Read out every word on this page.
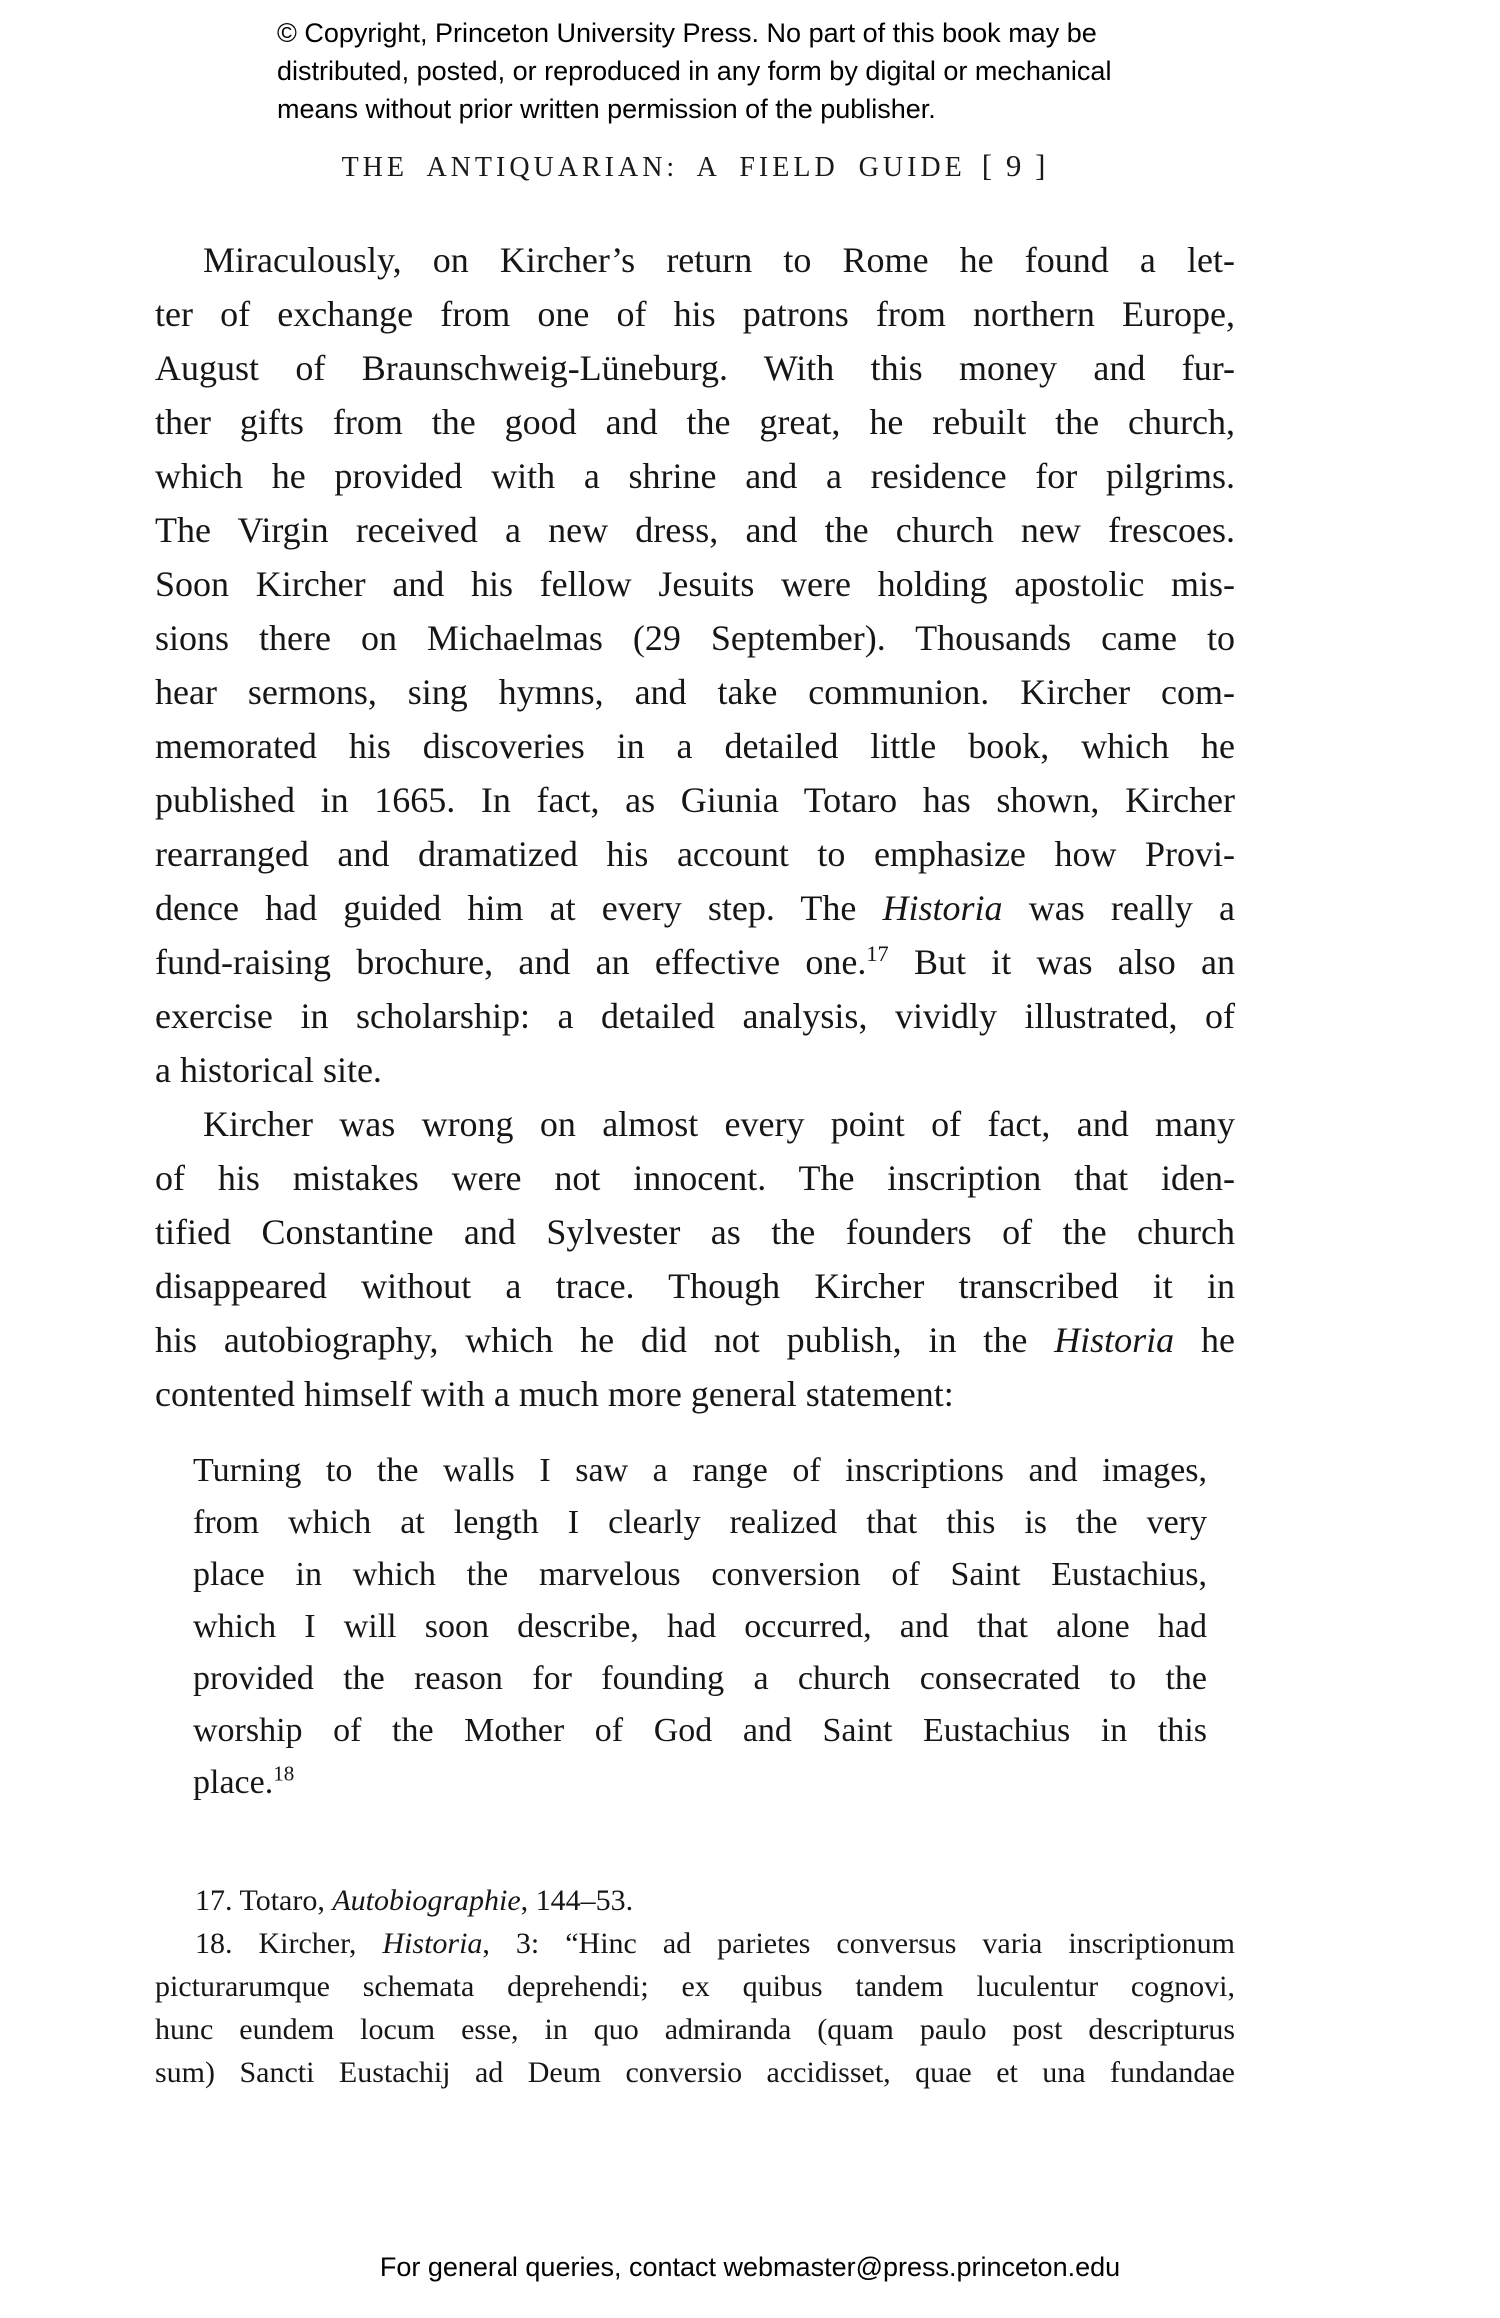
© Copyright, Princeton University Press. No part of this book may be
distributed, posted, or reproduced in any form by digital or mechanical
means without prior written permission of the publisher.
THE ANTIQUARIAN: A FIELD GUIDE [ 9 ]
Miraculously, on Kircher’s return to Rome he found a let-
ter of exchange from one of his patrons from northern Europe,
August of Braunschweig-Lüneburg. With this money and fur-
ther gifts from the good and the great, he rebuilt the church,
which he provided with a shrine and a residence for pilgrims.
The Virgin received a new dress, and the church new frescoes.
Soon Kircher and his fellow Jesuits were holding apostolic mis-
sions there on Michaelmas (29 September). Thousands came to
hear sermons, sing hymns, and take communion. Kircher com-
memorated his discoveries in a detailed little book, which he
published in 1665. In fact, as Giunia Totaro has shown, Kircher
rearranged and dramatized his account to emphasize how Provi-
dence had guided him at every step. The Historia was really a
fund-raising brochure, and an effective one.$^{17}$ But it was also an
exercise in scholarship: a detailed analysis, vividly illustrated, of
a historical site.
Kircher was wrong on almost every point of fact, and many
of his mistakes were not innocent. The inscription that iden-
tified Constantine and Sylvester as the founders of the church
disappeared without a trace. Though Kircher transcribed it in
his autobiography, which he did not publish, in the Historia he
contented himself with a much more general statement:
Turning to the walls I saw a range of inscriptions and images,
from which at length I clearly realized that this is the very
place in which the marvelous conversion of Saint Eustachius,
which I will soon describe, had occurred, and that alone had
provided the reason for founding a church consecrated to the
worship of the Mother of God and Saint Eustachius in this
place.$^{18}$
17. Totaro, Autobiographie, 144–53.
18. Kircher, Historia, 3: “Hinc ad parietes conversus varia inscriptionum
picturarumque schemata deprehendi; ex quibus tandem luculentur cognovi,
hunc eundem locum esse, in quo admiranda (quam paulo post descripturus
sum) Sancti Eustachij ad Deum conversio accidisset, quae et una fundandae
For general queries, contact webmaster@press.princeton.edu
